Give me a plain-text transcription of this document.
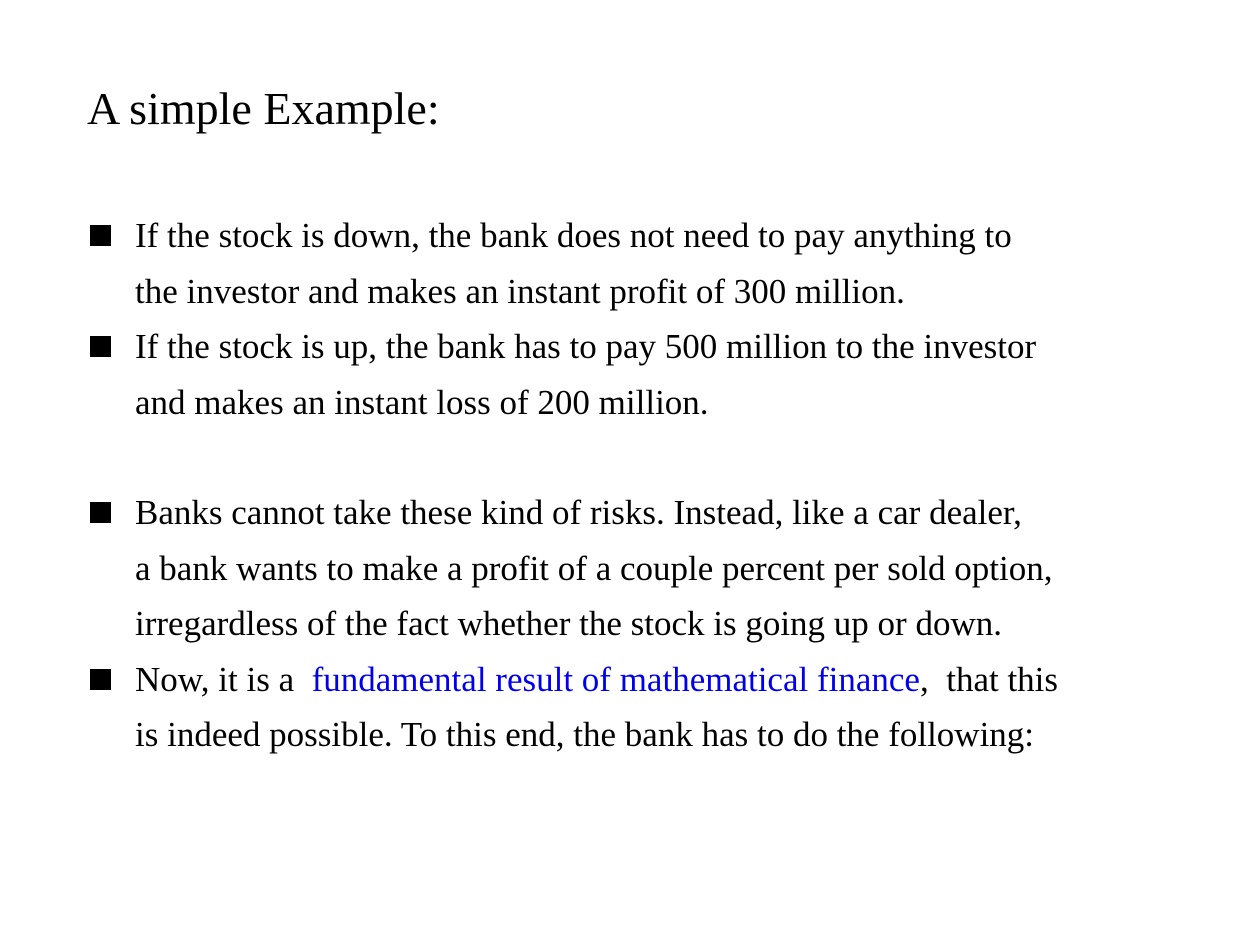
A simple Example:
If the stock is down, the bank does not need to pay anything to
the investor and makes an instant profit of 300 million.
If the stock is up, the bank has to pay 500 million to the investor
and makes an instant loss of 200 million.
Banks cannot take these kind of risks. Instead, like a car dealer,
a bank wants to make a profit of a couple percent per sold option,
irregardless of the fact whether the stock is going up or down.
Now, it is a  fundamental result of mathematical finance,  that this
is indeed possible. To this end, the bank has to do the following:
